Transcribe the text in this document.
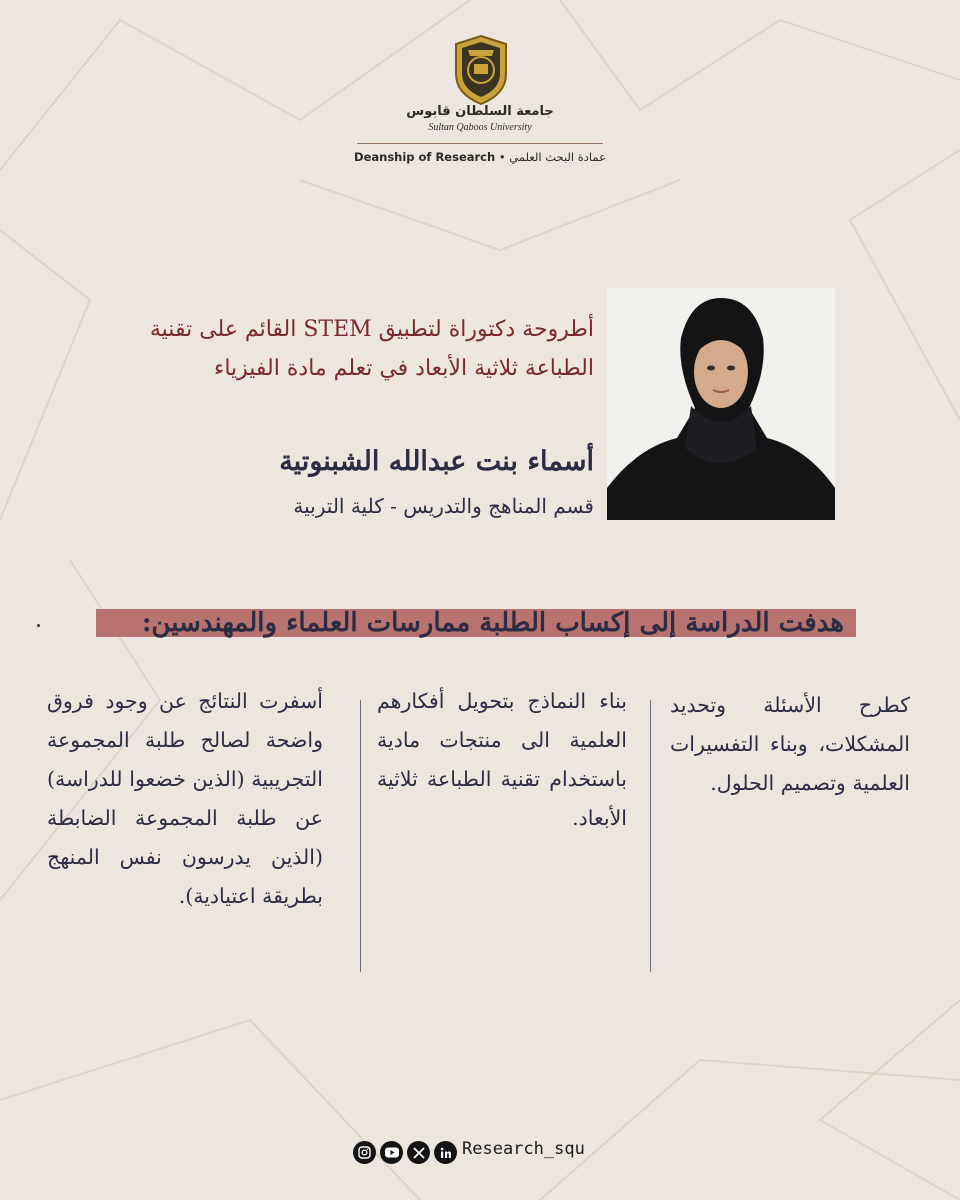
جامعة السلطان قابوس
Sultan Qaboos University
Deanship of Research • عمادة البحث العلمي
أطروحة دكتوراة لتطبيق STEM القائم على تقنية
الطباعة ثلاثية الأبعاد في تعلم مادة الفيزياء
أسماء بنت عبدالله الشبنوتية
قسم المناهج والتدريس - كلية التربية
هدفت الدراسة إلى إكساب الطلبة ممارسات العلماء والمهندسين:
كطرح الأسئلة وتحديد المشكلات، وبناء التفسيرات العلمية وتصميم الحلول.
بناء النماذج بتحويل أفكارهم العلمية الى منتجات مادية باستخدام تقنية الطباعة ثلاثية الأبعاد.
أسفرت النتائج عن وجود فروق واضحة لصالح طلبة المجموعة التجريبية (الذين خضعوا للدراسة) عن طلبة المجموعة الضابطة (الذين يدرسون نفس المنهج بطريقة اعتيادية).
Research_squ
